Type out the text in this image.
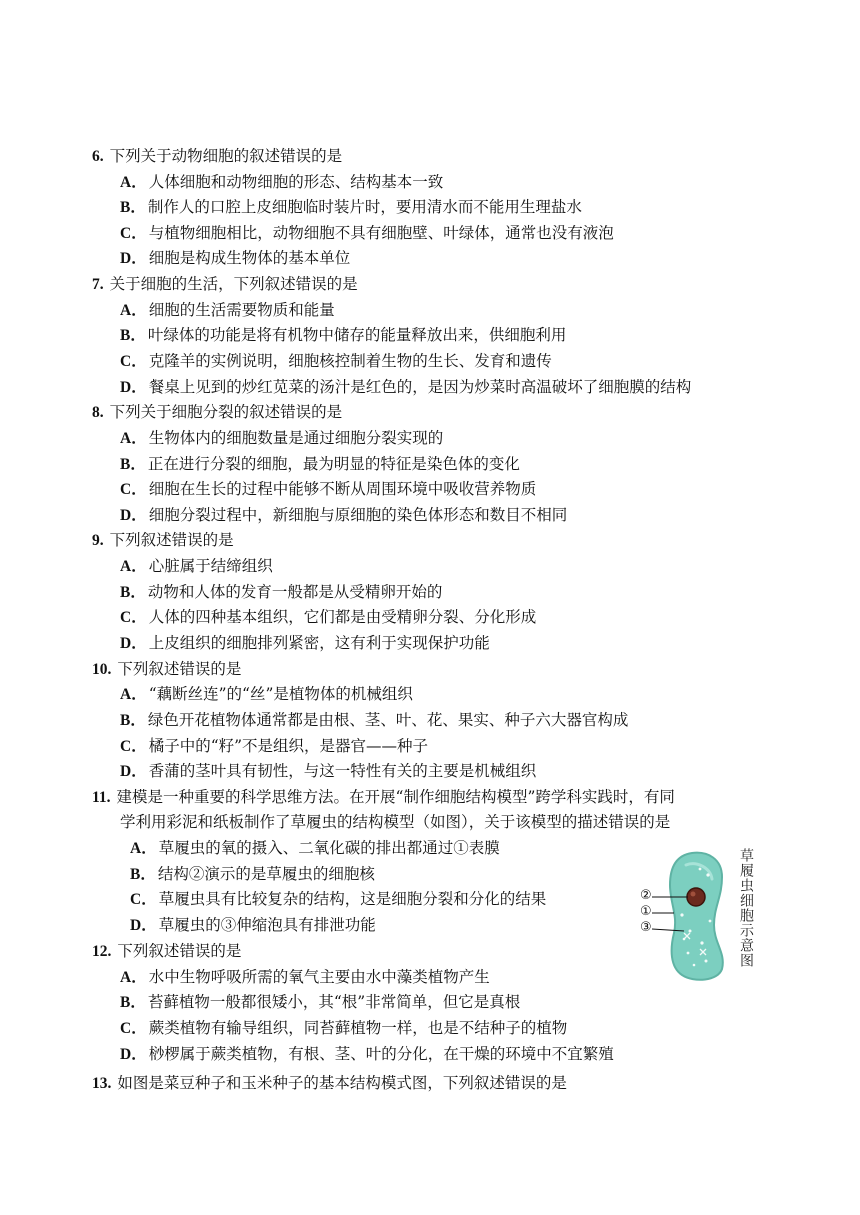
6. 下列关于动物细胞的叙述错误的是
A． 人体细胞和动物细胞的形态、结构基本一致
B． 制作人的口腔上皮细胞临时装片时，要用清水而不能用生理盐水
C． 与植物细胞相比，动物细胞不具有细胞壁、叶绿体，通常也没有液泡
D． 细胞是构成生物体的基本单位
7. 关于细胞的生活，下列叙述错误的是
A． 细胞的生活需要物质和能量
B． 叶绿体的功能是将有机物中储存的能量释放出来，供细胞利用
C． 克隆羊的实例说明，细胞核控制着生物的生长、发育和遗传
D． 餐桌上见到的炒红苋菜的汤汁是红色的，是因为炒菜时高温破坏了细胞膜的结构
8. 下列关于细胞分裂的叙述错误的是
A． 生物体内的细胞数量是通过细胞分裂实现的
B． 正在进行分裂的细胞，最为明显的特征是染色体的变化
C． 细胞在生长的过程中能够不断从周围环境中吸收营养物质
D． 细胞分裂过程中，新细胞与原细胞的染色体形态和数目不相同
9. 下列叙述错误的是
A． 心脏属于结缔组织
B． 动物和人体的发育一般都是从受精卵开始的
C． 人体的四种基本组织，它们都是由受精卵分裂、分化形成
D． 上皮组织的细胞排列紧密，这有利于实现保护功能
10. 下列叙述错误的是
A． “藕断丝连”的“丝”是植物体的机械组织
B． 绿色开花植物体通常都是由根、茎、叶、花、果实、种子六大器官构成
C． 橘子中的“籽”不是组织，是器官——种子
D． 香蒲的茎叶具有韧性，与这一特性有关的主要是机械组织
11. 建模是一种重要的科学思维方法。在开展“制作细胞结构模型”跨学科实践时，有同
学利用彩泥和纸板制作了草履虫的结构模型（如图），关于该模型的描述错误的是
A． 草履虫的氧的摄入、二氧化碳的排出都通过①表膜
B． 结构②演示的是草履虫的细胞核
C． 草履虫具有比较复杂的结构，这是细胞分裂和分化的结果
D． 草履虫的③伸缩泡具有排泄功能
②
①
③	草履虫细胞示意图
12. 下列叙述错误的是
A． 水中生物呼吸所需的氧气主要由水中藻类植物产生
B． 苔藓植物一般都很矮小，其“根”非常简单，但它是真根
C． 蕨类植物有输导组织，同苔藓植物一样，也是不结种子的植物
D． 桫椤属于蕨类植物，有根、茎、叶的分化，在干燥的环境中不宜繁殖
13. 如图是菜豆种子和玉米种子的基本结构模式图，下列叙述错误的是
